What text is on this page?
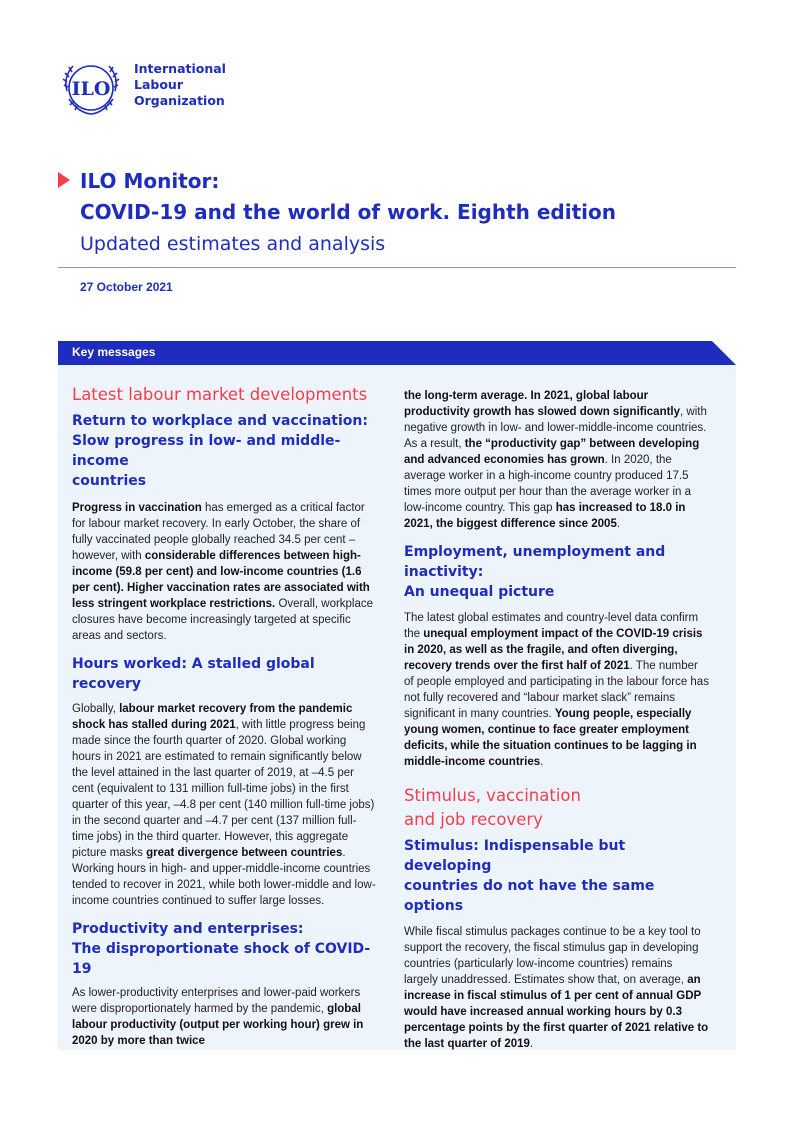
ILO
International
Labour
Organization
ILO Monitor:
COVID-19 and the world of work. Eighth edition
Updated estimates and analysis
27 October 2021
Key messages
Latest labour market developments
Return to workplace and vaccination:
Slow progress in low- and middle-income
countries
Progress in vaccination has emerged as a critical factor for labour market recovery. In early October, the share of fully vaccinated people globally reached 34.5 per cent – however, with considerable differences between high-income (59.8 per cent) and low-income countries (1.6 per cent). Higher vaccination rates are associated with less stringent workplace restrictions. Overall, workplace closures have become increasingly targeted at specific areas and sectors.
Hours worked: A stalled global recovery
Globally, labour market recovery from the pandemic shock has stalled during 2021, with little progress being made since the fourth quarter of 2020. Global working hours in 2021 are estimated to remain significantly below the level attained in the last quarter of 2019, at –4.5 per cent (equivalent to 131 million full-time jobs) in the first quarter of this year, –4.8 per cent (140 million full-time jobs) in the second quarter and –4.7 per cent (137 million full-time jobs) in the third quarter. However, this aggregate picture masks great divergence between countries. Working hours in high- and upper-middle-income countries tended to recover in 2021, while both lower-middle and low-income countries continued to suffer large losses.
Productivity and enterprises:
The disproportionate shock of COVID-19
As lower-productivity enterprises and lower-paid workers were disproportionately harmed by the pandemic, global labour productivity (output per working hour) grew in 2020 by more than twice
the long-term average. In 2021, global labour productivity growth has slowed down significantly, with negative growth in low- and lower-middle-income countries. As a result, the “productivity gap” between developing and advanced economies has grown. In 2020, the average worker in a high-income country produced 17.5 times more output per hour than the average worker in a low-income country. This gap has increased to 18.0 in 2021, the biggest difference since 2005.
Employment, unemployment and inactivity:
An unequal picture
The latest global estimates and country-level data confirm the unequal employment impact of the COVID-19 crisis in 2020, as well as the fragile, and often diverging, recovery trends over the first half of 2021. The number of people employed and participating in the labour force has not fully recovered and “labour market slack” remains significant in many countries. Young people, especially young women, continue to face greater employment deficits, while the situation continues to be lagging in middle-income countries.
Stimulus, vaccination
and job recovery
Stimulus: Indispensable but developing
countries do not have the same options
While fiscal stimulus packages continue to be a key tool to support the recovery, the fiscal stimulus gap in developing countries (particularly low-income countries) remains largely unaddressed. Estimates show that, on average, an increase in fiscal stimulus of 1 per cent of annual GDP would have increased annual working hours by 0.3 percentage points by the first quarter of 2021 relative to the last quarter of 2019.
